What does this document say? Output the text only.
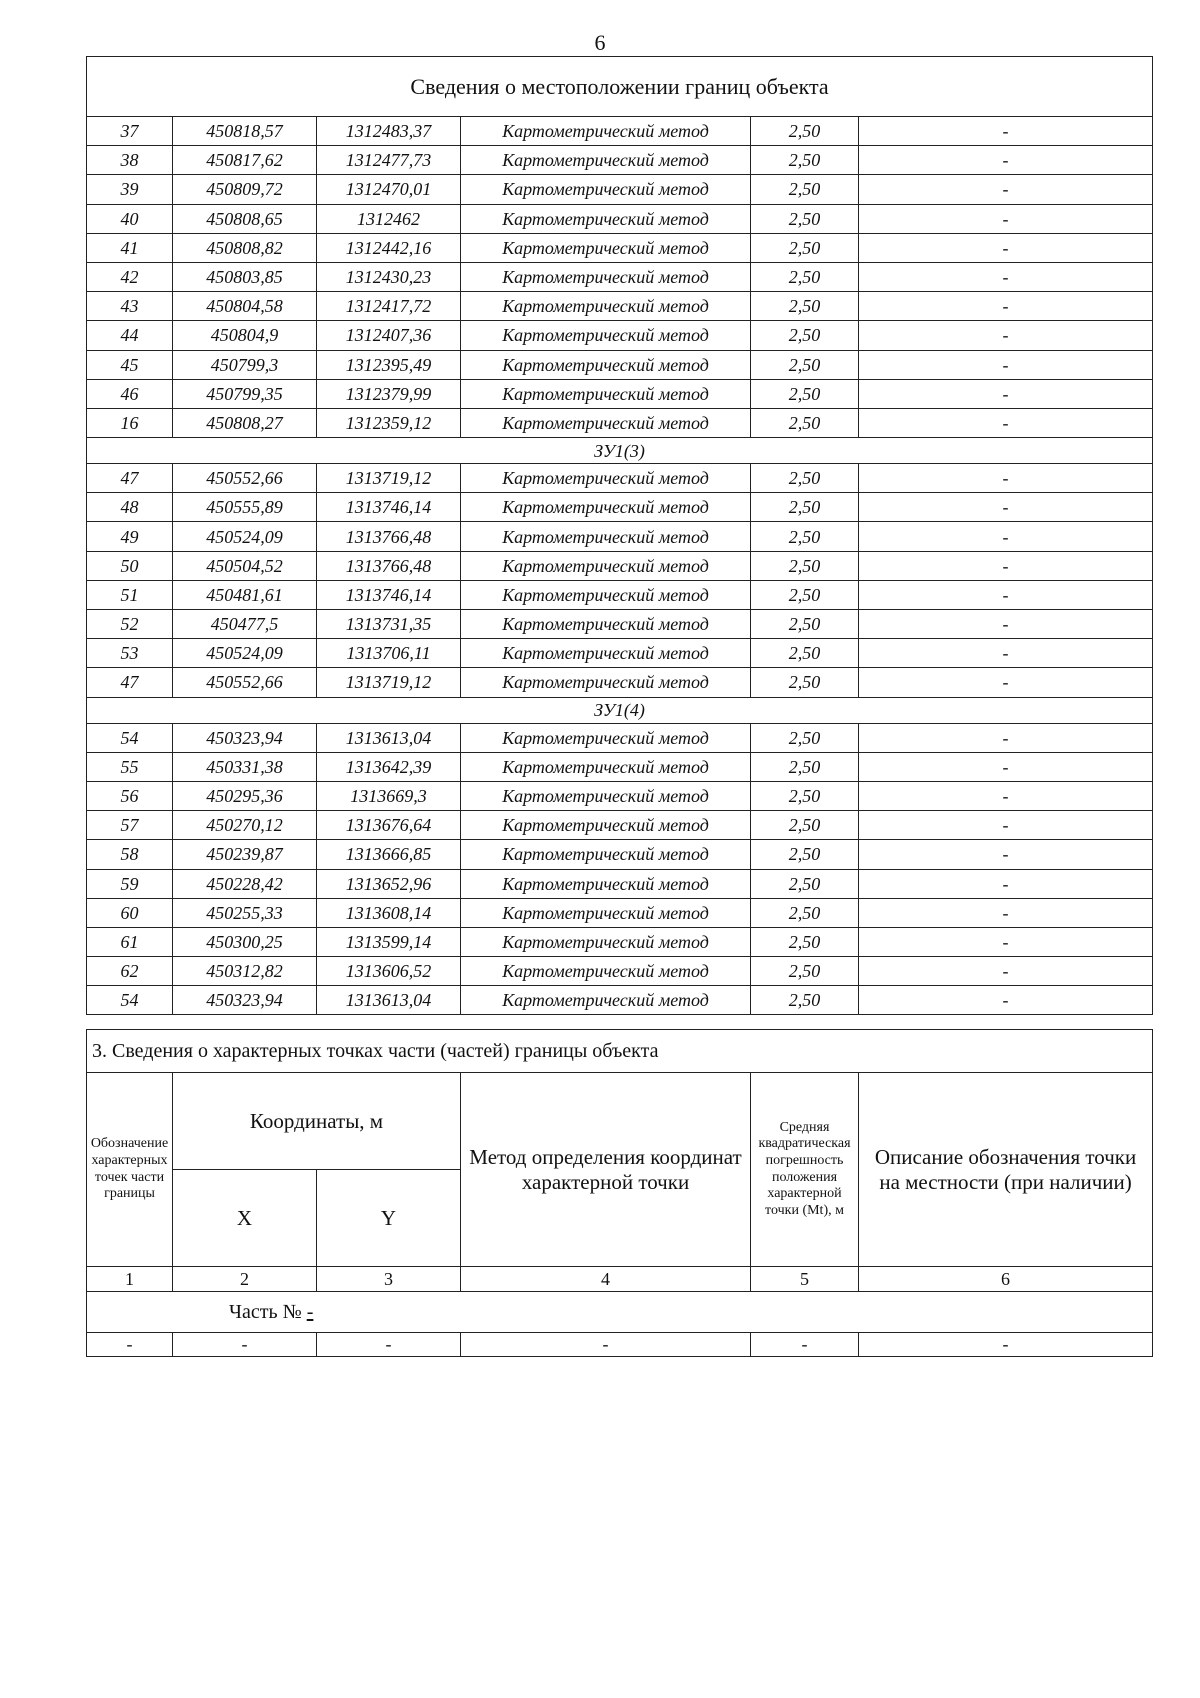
6
Сведения о местоположении границ объекта					
37	450818,57	1312483,37	Картометрический метод	2,50	-
38	450817,62	1312477,73	Картометрический метод	2,50	-
39	450809,72	1312470,01	Картометрический метод	2,50	-
40	450808,65	1312462	Картометрический метод	2,50	-
41	450808,82	1312442,16	Картометрический метод	2,50	-
42	450803,85	1312430,23	Картометрический метод	2,50	-
43	450804,58	1312417,72	Картометрический метод	2,50	-
44	450804,9	1312407,36	Картометрический метод	2,50	-
45	450799,3	1312395,49	Картометрический метод	2,50	-
46	450799,35	1312379,99	Картометрический метод	2,50	-
16	450808,27	1312359,12	Картометрический метод	2,50	-
ЗУ1(3)					
47	450552,66	1313719,12	Картометрический метод	2,50	-
48	450555,89	1313746,14	Картометрический метод	2,50	-
49	450524,09	1313766,48	Картометрический метод	2,50	-
50	450504,52	1313766,48	Картометрический метод	2,50	-
51	450481,61	1313746,14	Картометрический метод	2,50	-
52	450477,5	1313731,35	Картометрический метод	2,50	-
53	450524,09	1313706,11	Картометрический метод	2,50	-
47	450552,66	1313719,12	Картометрический метод	2,50	-
ЗУ1(4)					
54	450323,94	1313613,04	Картометрический метод	2,50	-
55	450331,38	1313642,39	Картометрический метод	2,50	-
56	450295,36	1313669,3	Картометрический метод	2,50	-
57	450270,12	1313676,64	Картометрический метод	2,50	-
58	450239,87	1313666,85	Картометрический метод	2,50	-
59	450228,42	1313652,96	Картометрический метод	2,50	-
60	450255,33	1313608,14	Картометрический метод	2,50	-
61	450300,25	1313599,14	Картометрический метод	2,50	-
62	450312,82	1313606,52	Картометрический метод	2,50	-
54	450323,94	1313613,04	Картометрический метод	2,50	-
3. Сведения о характерных точках части (частей) границы объекта					
Обозначение характерных точек части границы	Координаты, м		Метод определения координат характерной точки	Средняя квадратическая погрешность положения характерной точки (Mt), м	Описание обозначения точки на местности (при наличии)
	X	Y			
1	2	3	4	5	6
Часть № -					
-	-	-	-	-	-
